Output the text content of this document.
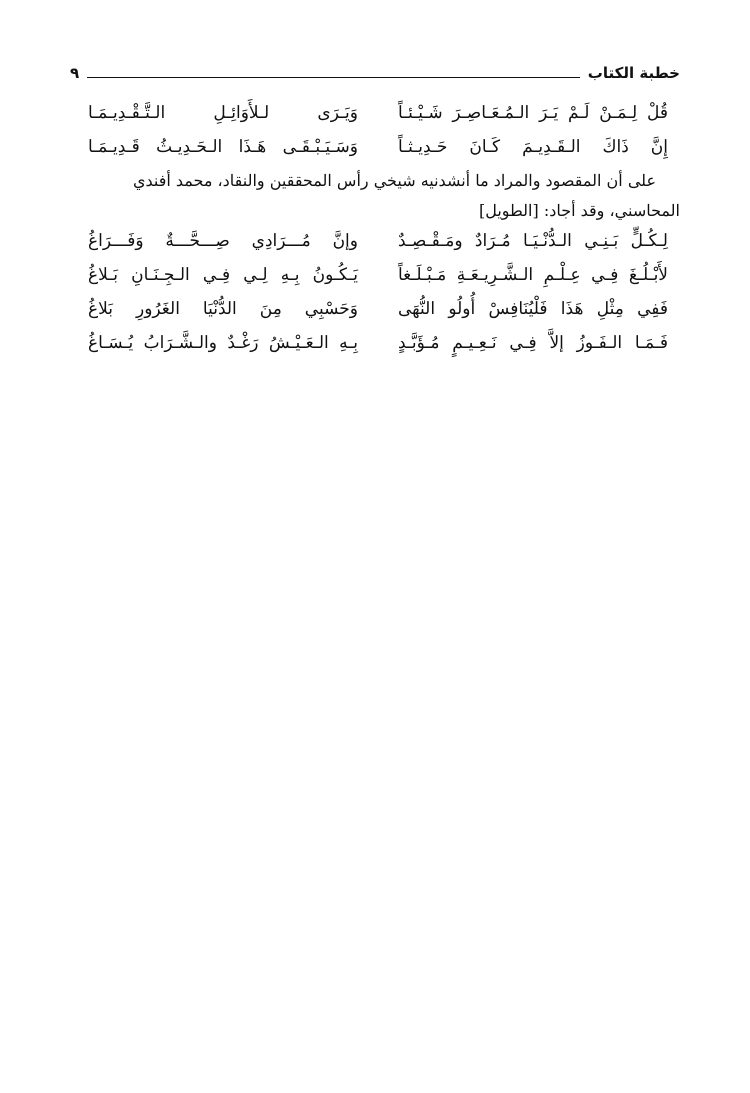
خطبة الكتاب
٩
قُلْ لِـمَـنْ لَـمْ يَـرَ الـمُـعَـاصِـرَ شَـيْـئـاً
وَيَـرَى لـلأَوَائِـلِ الـتَّـقْـدِيـمَـا
إِنَّ ذَاكَ الـقَـدِيـمَ كَـانَ حَـدِيـثـاً
وَسَـيَـبْـقَـى هَـذَا الـحَـدِيـثُ قَـدِيـمَـا

على أن المقصود والمراد ما أنشدنيه شيخي رأس المحققين والنقاد، محمد أفندي

المحاسني، وقد أجاد: [الطويل]

لِـكُـلٍّ بَـنِـي الـدُّنْـيَـا مُـرَادٌ ومَـقْـصِـدٌ
وإنَّ مُـــرَادِي صِـــحَّـــةٌ وَفَـــرَاغُ
لأَبْـلُـغَ فِـي عِـلْـمِ الـشَّـرِيـعَـةِ مَـبْـلَـغاً
يَـكُـونُ بِـهِ لِـي فِـي الـجِـنَـانِ بَـلاغُ
فَفِي مِثْلِ هَذَا فَلْيُنَافِسْ أُولُو النُّهَى
وَحَسْبِي مِنَ الدُّنْيَا الغَرُورِ بَلاغُ
فَـمَـا الـفَـوزُ إلاَّ فِـي نَـعِـيـمٍ مُـؤَبَّـدٍ
بِـهِ الـعَـيْـشُ رَغْـدٌ والـشَّـرَابُ يُـسَـاغُ
